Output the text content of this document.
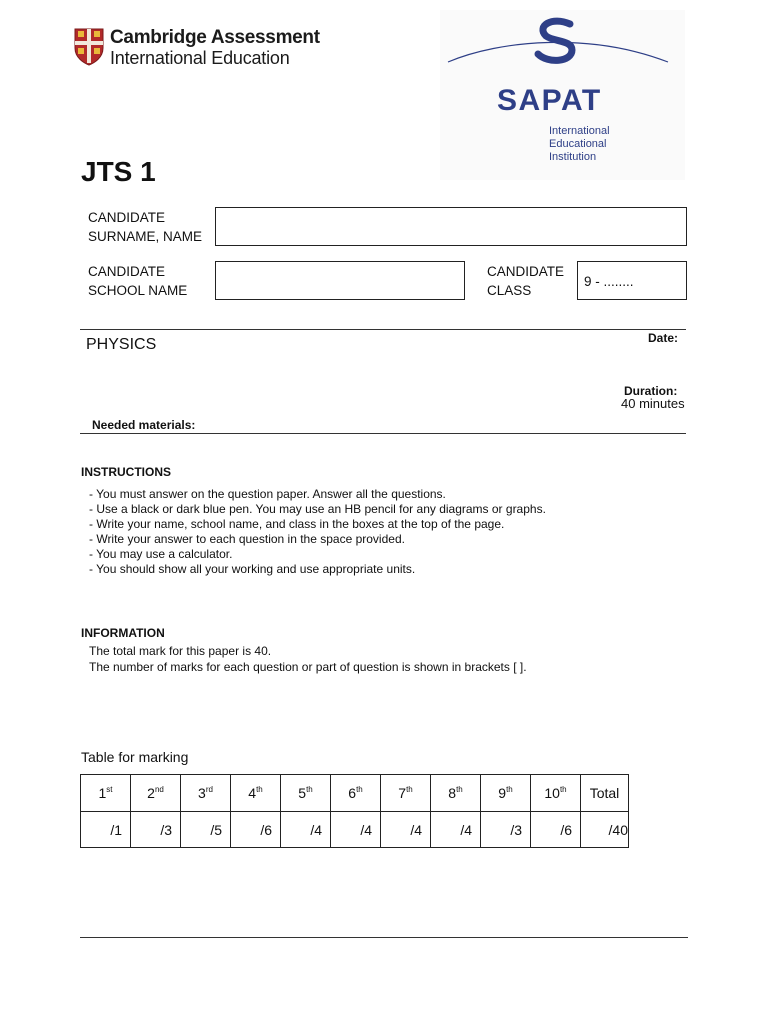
Cambridge Assessment
International Education
SAPAT
International
Educational
Institution
JTS 1
CANDIDATE
SURNAME, NAME
CANDIDATE
SCHOOL NAME
CANDIDATE
CLASS
9 - ........
PHYSICS	Date:
Duration:
40 minutes
Needed materials:
INSTRUCTIONS
- You must answer on the question paper. Answer all the questions.
- Use a black or dark blue pen. You may use an HB pencil for any diagrams or graphs.
- Write your name, school name, and class in the boxes at the top of the page.
- Write your answer to each question in the space provided.
- You may use a calculator.
- You should show all your working and use appropriate units.
INFORMATION
The total mark for this paper is 40.
The number of marks for each question or part of question is shown in brackets [ ].
Table for marking
1st	2nd	3rd	4th	5th	6th	7th	8th	9th	10th	Total
/1	/3	/5	/6	/4	/4	/4	/4	/3	/6	/40
